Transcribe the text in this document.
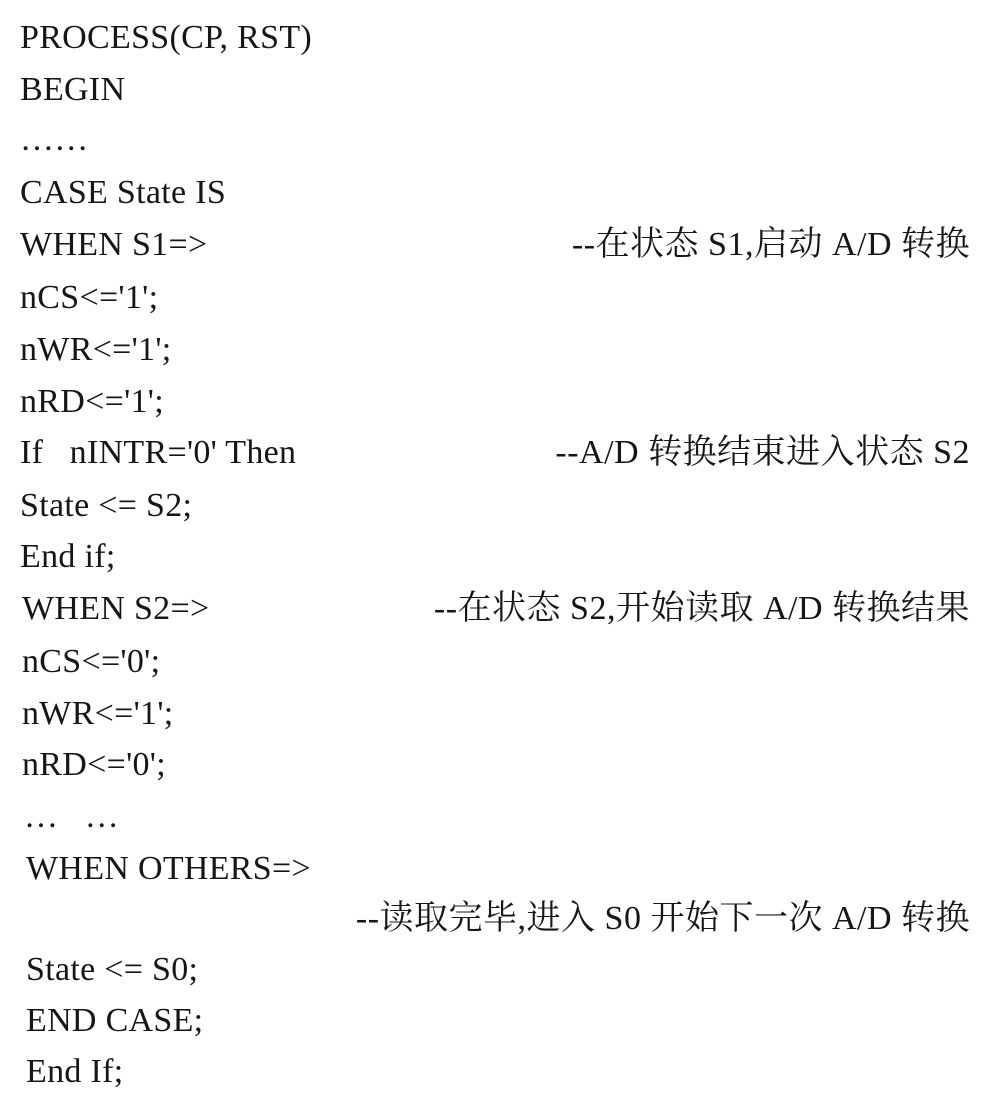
PROCESS(CP, RST)
BEGIN
……
CASE State IS
WHEN S1=>	--在状态 S1,启动 A/D 转换
nCS<='1';
nWR<='1';
nRD<='1';
If   nINTR='0' Then	--A/D 转换结束进入状态 S2
State <= S2;
End if;
WHEN S2=>	--在状态 S2,开始读取 A/D 转换结果
nCS<='0';
nWR<='1';
nRD<='0';
…   …
WHEN OTHERS=>
--读取完毕,进入 S0 开始下一次 A/D 转换
State <= S0;
END CASE;
End If;
